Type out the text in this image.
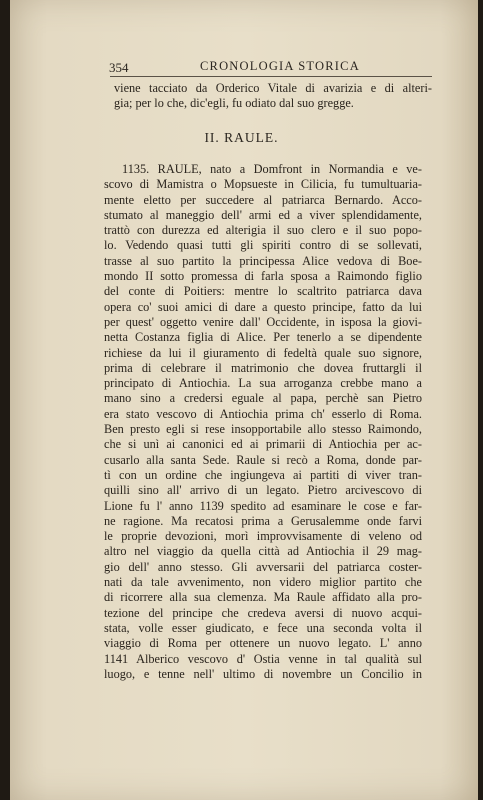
354	CRONOLOGIA STORICA
viene tacciato da Orderico Vitale di avarizia e di alteri-
gia; per lo che, dic'egli, fu odiato dal suo gregge.
II. RAULE.
1135. RAULE, nato a Domfront in Normandia e ve-
scovo di Mamistra o Mopsueste in Cilicia, fu tumultuaria-
mente eletto per succedere al patriarca Bernardo. Acco-
stumato al maneggio dell' armi ed a viver splendidamente,
trattò con durezza ed alterigia il suo clero e il suo popo-
lo. Vedendo quasi tutti gli spiriti contro di se sollevati,
trasse al suo partito la principessa Alice vedova di Boe-
mondo II sotto promessa di farla sposa a Raimondo figlio
del conte di Poitiers: mentre lo scaltrito patriarca dava
opera co' suoi amici di dare a questo principe, fatto da lui
per quest' oggetto venire dall' Occidente, in isposa la giovi-
netta Costanza figlia di Alice. Per tenerlo a se dipendente
richiese da lui il giuramento di fedeltà quale suo signore,
prima di celebrare il matrimonio che dovea fruttargli il
principato di Antiochia. La sua arroganza crebbe mano a
mano sino a credersi eguale al papa, perchè san Pietro
era stato vescovo di Antiochia prima ch' esserlo di Roma.
Ben presto egli si rese insopportabile allo stesso Raimondo,
che si unì ai canonici ed ai primarii di Antiochia per ac-
cusarlo alla santa Sede. Raule si recò a Roma, donde par-
tì con un ordine che ingiungeva ai partiti di viver tran-
quilli sino all' arrivo di un legato. Pietro arcivescovo di
Lione fu l' anno 1139 spedito ad esaminare le cose e far-
ne ragione. Ma recatosi prima a Gerusalemme onde farvi
le proprie devozioni, morì improvvisamente di veleno od
altro nel viaggio da quella città ad Antiochia il 29 mag-
gio dell' anno stesso. Gli avversarii del patriarca coster-
nati da tale avvenimento, non videro miglior partito che
di ricorrere alla sua clemenza. Ma Raule affidato alla pro-
tezione del principe che credeva aversi di nuovo acqui-
stata, volle esser giudicato, e fece una seconda volta il
viaggio di Roma per ottenere un nuovo legato. L' anno
1141 Alberico vescovo d' Ostia venne in tal qualità sul
luogo, e tenne nell' ultimo di novembre un Concilio in
